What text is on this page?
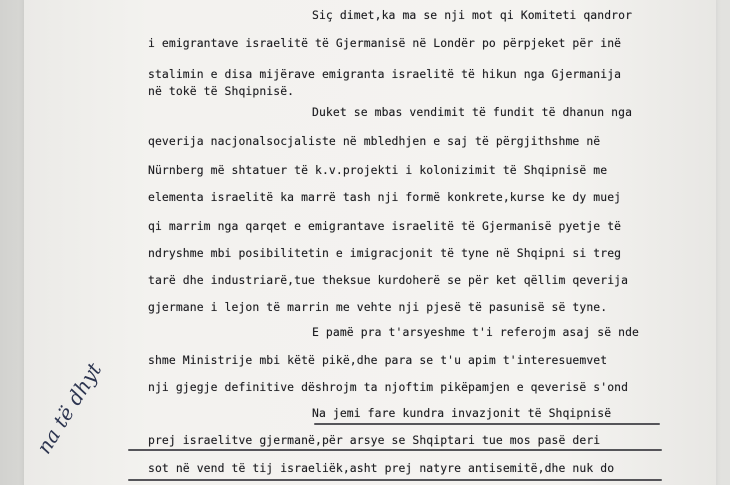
Siç dimet,ka ma se nji mot qi Komiteti qandror
i emigrantave israelitë të Gjermanisë në Londër po përpjeket për inë
stalimin e disa mijërave emigranta israelitë të hikun nga Gjermanija
në tokë të Shqipnisë.
Duket se mbas vendimit të fundit të dhanun nga
qeverija nacjonalsocjaliste në mbledhjen e saj të përgjithshme në
Nürnberg më shtatuer të k.v.projekti i kolonizimit të Shqipnisë me
elementa israelitë ka marrë tash nji formë konkrete,kurse ke dy muej
qi marrim nga qarqet e emigrantave israelitë të Gjermanisë pyetje të
ndryshme mbi posibilitetin e imigracjonit të tyne në Shqipni si treg
tarë dhe industriarë,tue theksue kurdoherë se për ket qëllim qeverija
gjermane i lejon të marrin me vehte nji pjesë të pasunisë së tyne.
E pamë pra t'arsyeshme t'i referojm asaj së nde
shme Ministrije mbi këtë pikë,dhe para se t'u apim t'interesuemvet
nji gjegje definitive dëshrojm ta njoftim pikëpamjen e qeverisë s'ond
Na jemi fare kundra invazjonit të Shqipnisë
prej israelitve gjermanë,për arsye se Shqiptari tue mos pasë deri
sot në vend të tij israeliëk,asht prej natyre antisemitë,dhe nuk do
na të dhyt
